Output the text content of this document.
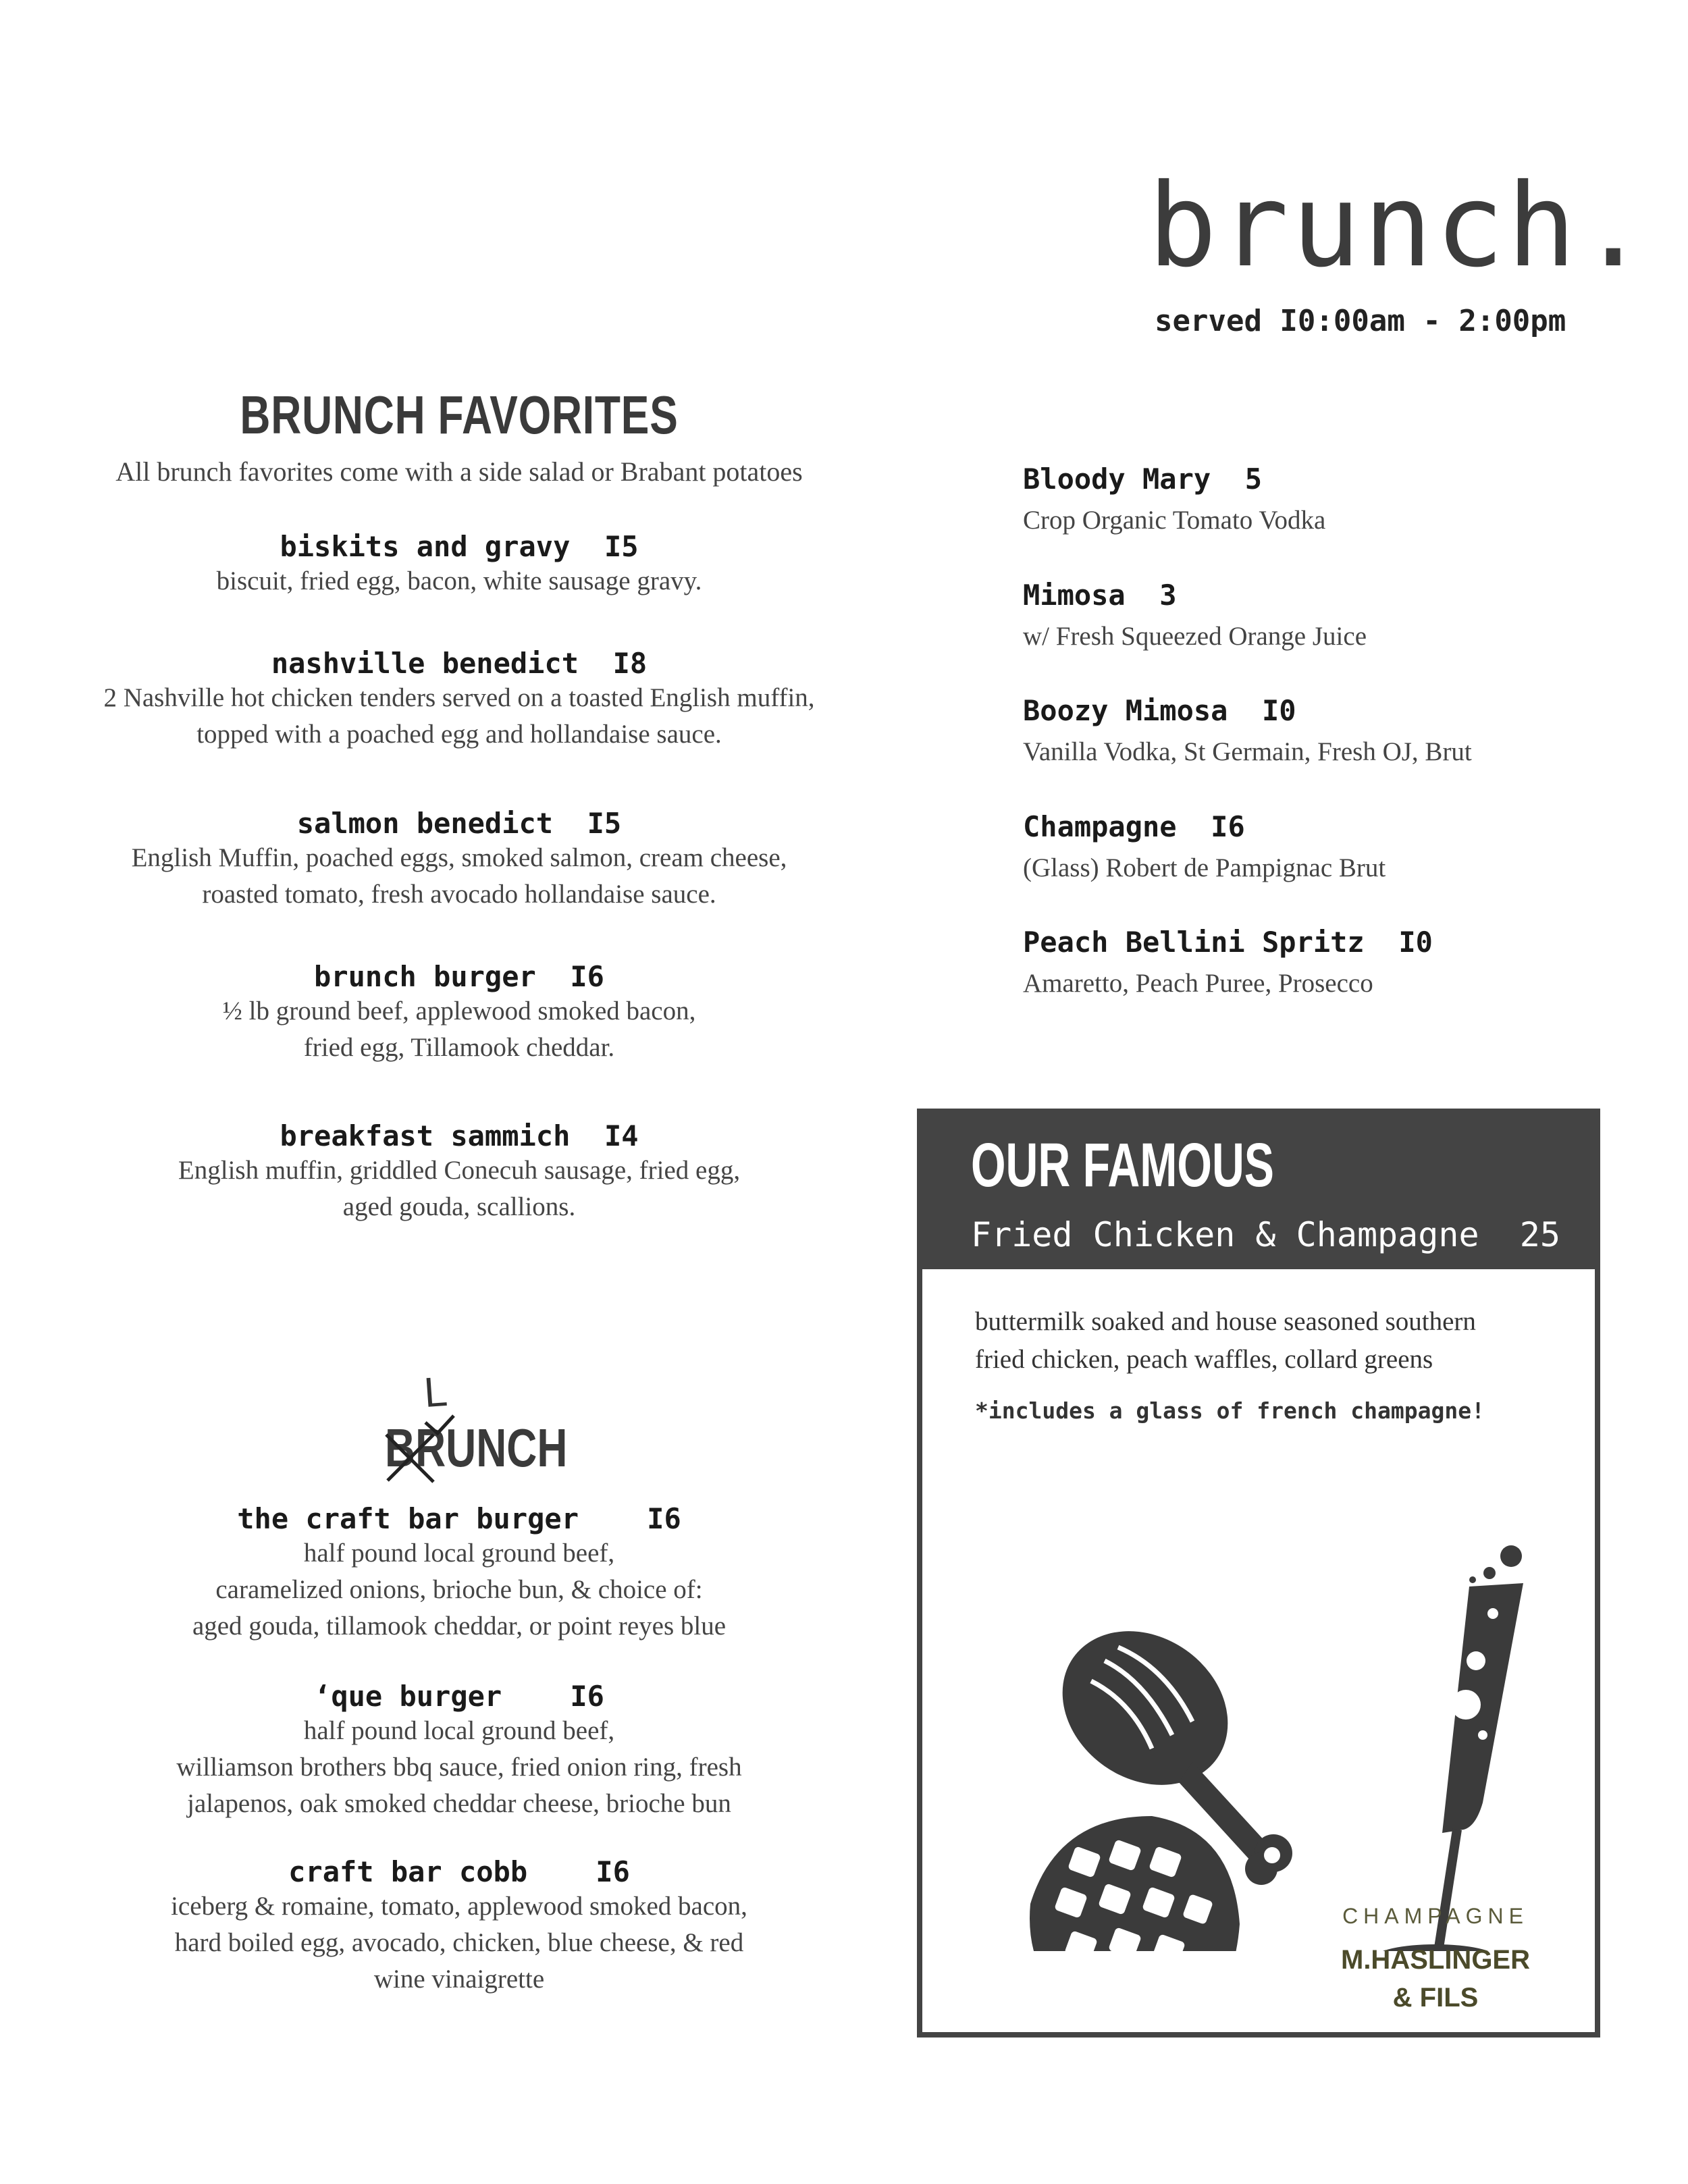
brunch.
served I0:00am - 2:00pm
BRUNCH FAVORITES
All brunch favorites come with a side salad or Brabant potatoes
biskits and gravy I5
biscuit, fried egg, bacon, white sausage gravy.
nashville benedict I8
2 Nashville hot chicken tenders served on a toasted English muffin,
topped with a poached egg and hollandaise sauce.
salmon benedict I5
English Muffin, poached eggs, smoked salmon, cream cheese,
roasted tomato, fresh avocado hollandaise sauce.
brunch burger I6
½ lb ground beef, applewood smoked bacon,
fried egg, Tillamook cheddar.
breakfast sammich I4
English muffin, griddled Conecuh sausage, fried egg,
aged gouda, scallions.
BRUNCH
L
the craft bar burger I6
half pound local ground beef,
caramelized onions, brioche bun, & choice of:
aged gouda, tillamook cheddar, or point reyes blue
‘que burger I6
half pound local ground beef,
williamson brothers bbq sauce, fried onion ring, fresh
jalapenos, oak smoked cheddar cheese, brioche bun
craft bar cobb I6
iceberg & romaine, tomato, applewood smoked bacon,
hard boiled egg, avocado, chicken, blue cheese, & red
wine vinaigrette
Bloody Mary 5
Crop Organic Tomato Vodka
Mimosa 3
w/ Fresh Squeezed Orange Juice
Boozy Mimosa I0
Vanilla Vodka, St Germain, Fresh OJ, Brut
Champagne I6
(Glass) Robert de Pampignac Brut
Peach Bellini Spritz I0
Amaretto, Peach Puree, Prosecco
OUR FAMOUS
Fried Chicken & Champagne 25
buttermilk soaked and house seasoned southern
fried chicken, peach waffles, collard greens
*includes a glass of french champagne!
CHAMPAGNE
M.HASLINGER
& FILS
